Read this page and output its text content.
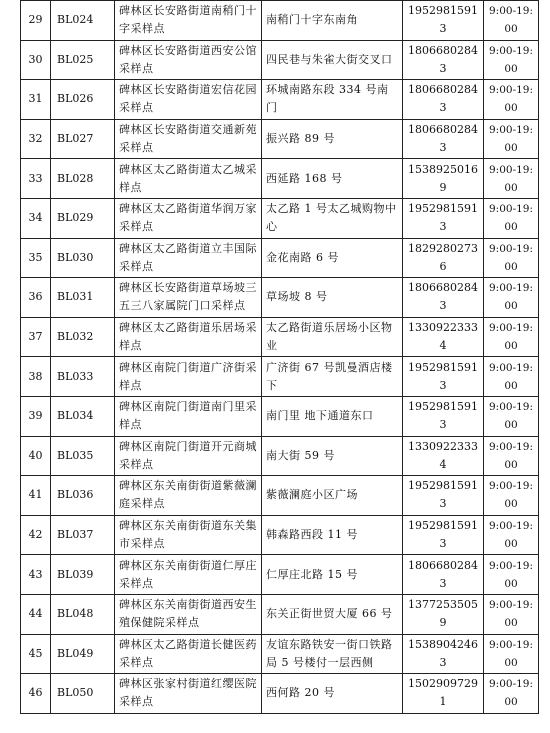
29	BL024	碑林区长安路街道南稍门十字采样点	南稍门十字东南角	19529815913	9:00-19:00
30	BL025	碑林区长安路街道西安公馆采样点	四民巷与朱雀大街交叉口	18066802843	9:00-19:00
31	BL026	碑林区长安路街道宏信花园采样点	环城南路东段 334 号南门	18066802843	9:00-19:00
32	BL027	碑林区长安路街道交通新苑采样点	振兴路 89 号	18066802843	9:00-19:00
33	BL028	碑林区太乙路街道太乙城采样点	西延路 168 号	15389250169	9:00-19:00
34	BL029	碑林区太乙路街道华润万家采样点	太乙路 1 号太乙城购物中心	19529815913	9:00-19:00
35	BL030	碑林区太乙路街道立丰国际采样点	金花南路 6 号	18292802736	9:00-19:00
36	BL031	碑林区长安路街道草场坡三五三八家属院门口采样点	草场坡 8 号	18066802843	9:00-19:00
37	BL032	碑林区太乙路街道乐居场采样点	太乙路街道乐居场小区物业	13309223334	9:00-19:00
38	BL033	碑林区南院门街道广济街采样点	广济街 67 号凯曼酒店楼下	19529815913	9:00-19:00
39	BL034	碑林区南院门街道南门里采样点	南门里 地下通道东口	19529815913	9:00-19:00
40	BL035	碑林区南院门街道开元商城采样点	南大街 59 号	13309223334	9:00-19:00
41	BL036	碑林区东关南街街道紫薇澜庭采样点	紫薇澜庭小区广场	19529815913	9:00-19:00
42	BL037	碑林区东关南街街道东关集市采样点	韩森路西段 11 号	19529815913	9:00-19:00
43	BL039	碑林区东关南街街道仁厚庄采样点	仁厚庄北路 15 号	18066802843	9:00-19:00
44	BL048	碑林区东关南街街道西安生殖保健院采样点	东关正街世贸大厦 66 号	13772535059	9:00-19:00
45	BL049	碑林区太乙路街道长健医药采样点	友谊东路铁安一街口铁路局 5 号楼付一层西侧	15389042463	9:00-19:00
46	BL050	碑林区张家村街道红缨医院采样点	西何路 20 号	15029097291	9:00-19:00
